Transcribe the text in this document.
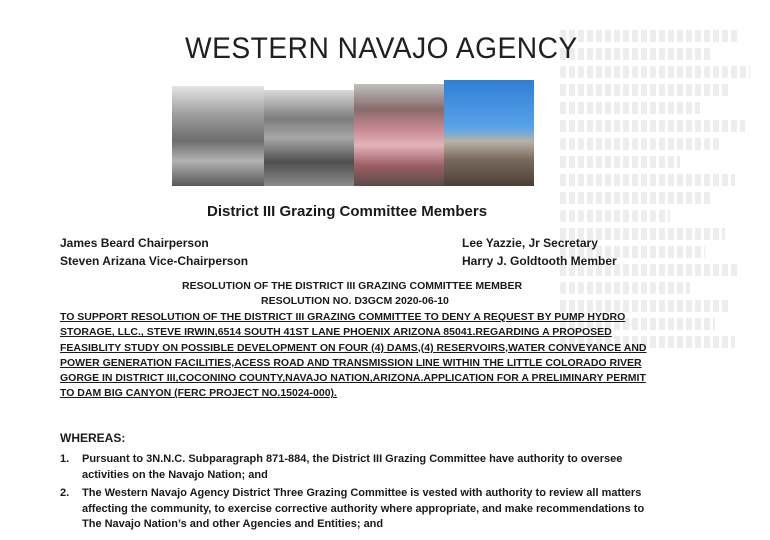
WESTERN NAVAJO AGENCY
District III Grazing Committee Members
James Beard Chairperson
Steven Arizana Vice-Chairperson
Lee Yazzie, Jr Secretary
Harry J. Goldtooth Member
RESOLUTION OF THE DISTRICT III GRAZING COMMITTEE MEMBER
RESOLUTION NO. D3GCM 2020-06-10
TO SUPPORT RESOLUTION OF THE DISTRICT III GRAZING COMMITTEE TO DENY A REQUEST BY PUMP HYDRO
STORAGE, LLC., STEVE IRWIN,6514 SOUTH 41ST LANE PHOENIX ARIZONA 85041.REGARDING A PROPOSED
FEASIBLITY STUDY ON POSSIBLE DEVELOPMENT ON FOUR (4) DAMS,(4) RESERVOIRS,WATER CONVEYANCE AND
POWER GENERATION FACILITIES,ACESS ROAD AND TRANSMISSION LINE WITHIN THE LITTLE COLORADO RIVER
GORGE IN DISTRICT III,COCONINO COUNTY,NAVAJO NATION,ARIZONA.APPLICATION FOR A PRELIMINARY PERMIT
TO DAM BIG CANYON (FERC PROJECT NO.15024-000).
WHEREAS:
1. Pursuant to 3N.N.C. Subparagraph 871-884, the District III Grazing Committee have authority to oversee activities on the Navajo Nation; and
2. The Western Navajo Agency District Three Grazing Committee is vested with authority to review all matters affecting the community, to exercise corrective authority where appropriate, and make recommendations to The Navajo Nation’s and other Agencies and Entities; and
